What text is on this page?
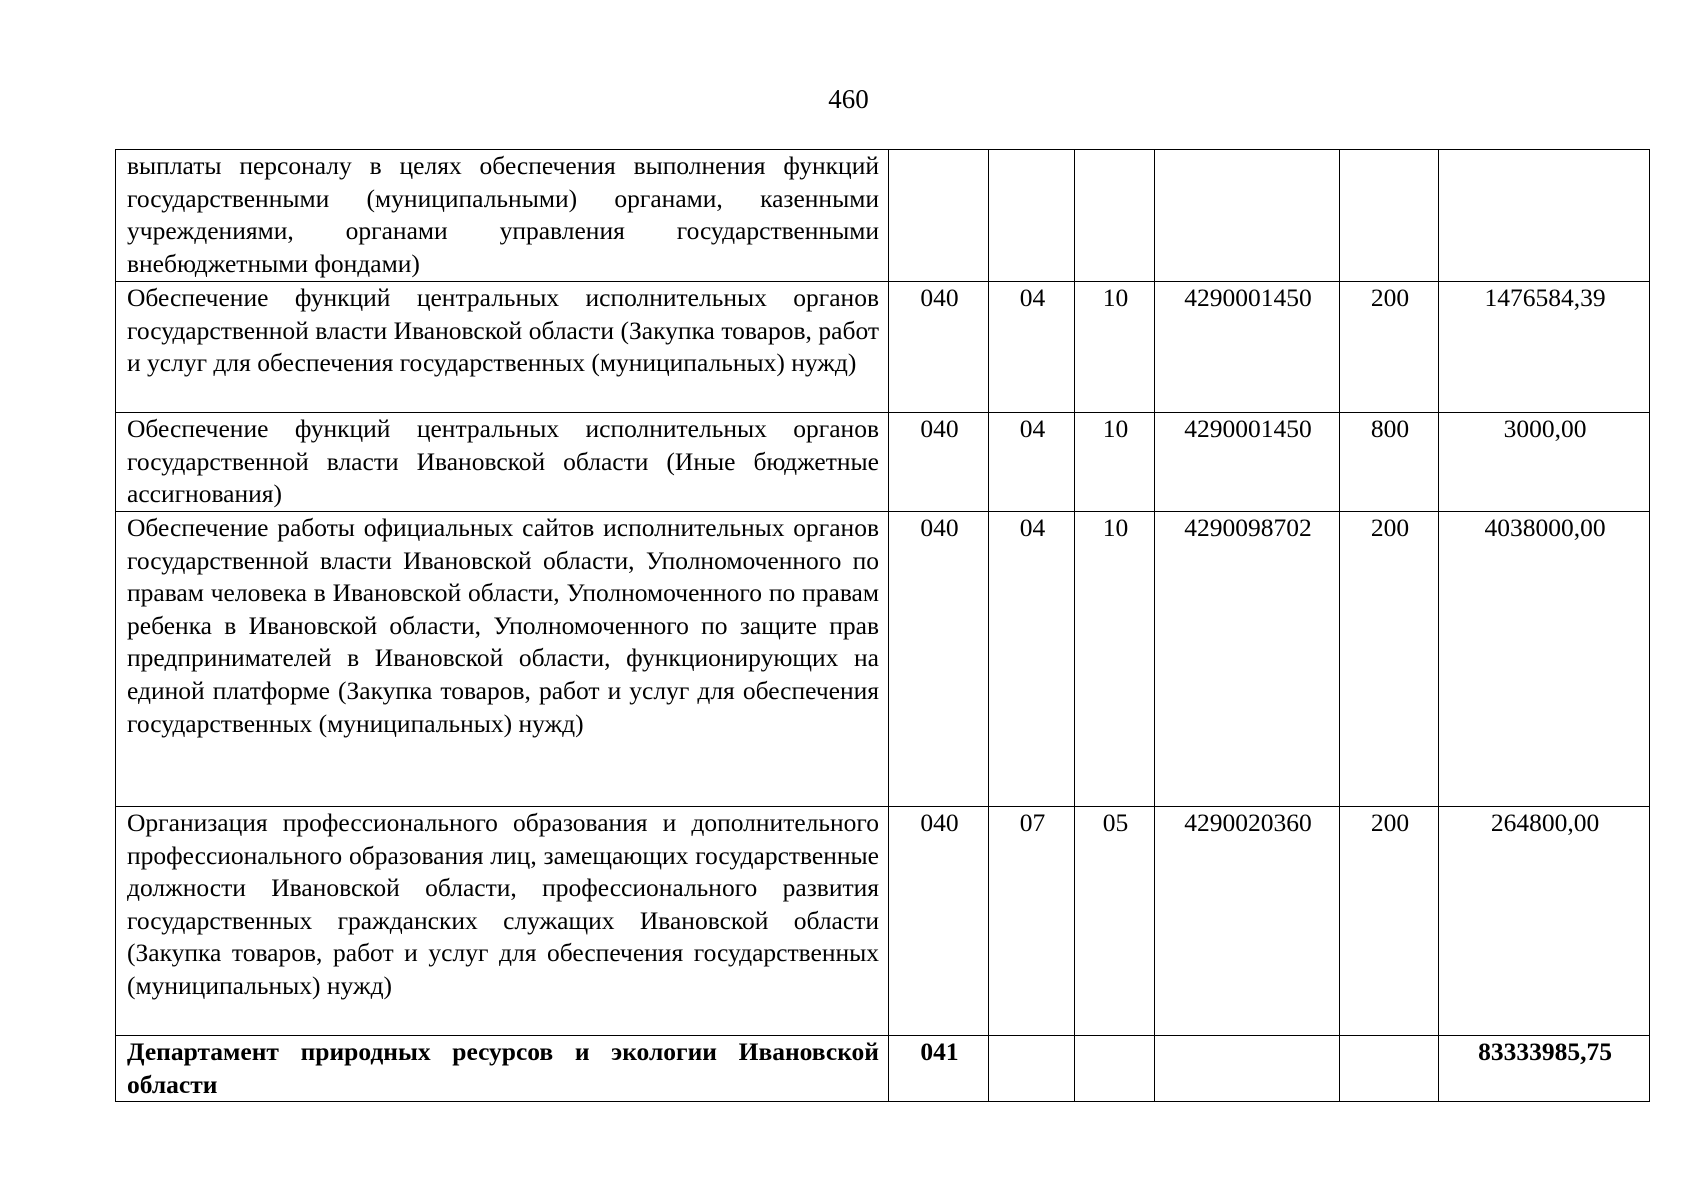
460
выплаты персоналу в целях обеспечения выполнения функций государственными (муниципальными) органами, казенными учреждениями, органами управления государственными внебюджетными фондами)						
Обеспечение функций центральных исполнительных органов государственной власти Ивановской области (Закупка товаров, работ и услуг для обеспечения государственных (муниципальных) нужд)	040	04	10	4290001450	200	1476584,39
Обеспечение функций центральных исполнительных органов государственной власти Ивановской области (Иные бюджетные ассигнования)	040	04	10	4290001450	800	3000,00
Обеспечение работы официальных сайтов исполнительных органов государственной власти Ивановской области, Уполномоченного по правам человека в Ивановской области, Уполномоченного по правам ребенка в Ивановской области, Уполномоченного по защите прав предпринимателей в Ивановской области, функционирующих на единой платформе (Закупка товаров, работ и услуг для обеспечения государственных (муниципальных) нужд)	040	04	10	4290098702	200	4038000,00
Организация профессионального образования и дополнительного профессионального образования лиц, замещающих государственные должности Ивановской области, профессионального развития государственных гражданских служащих Ивановской области (Закупка товаров, работ и услуг для обеспечения государственных (муниципальных) нужд)	040	07	05	4290020360	200	264800,00
Департамент природных ресурсов и экологии Ивановской области	041					83333985,75
